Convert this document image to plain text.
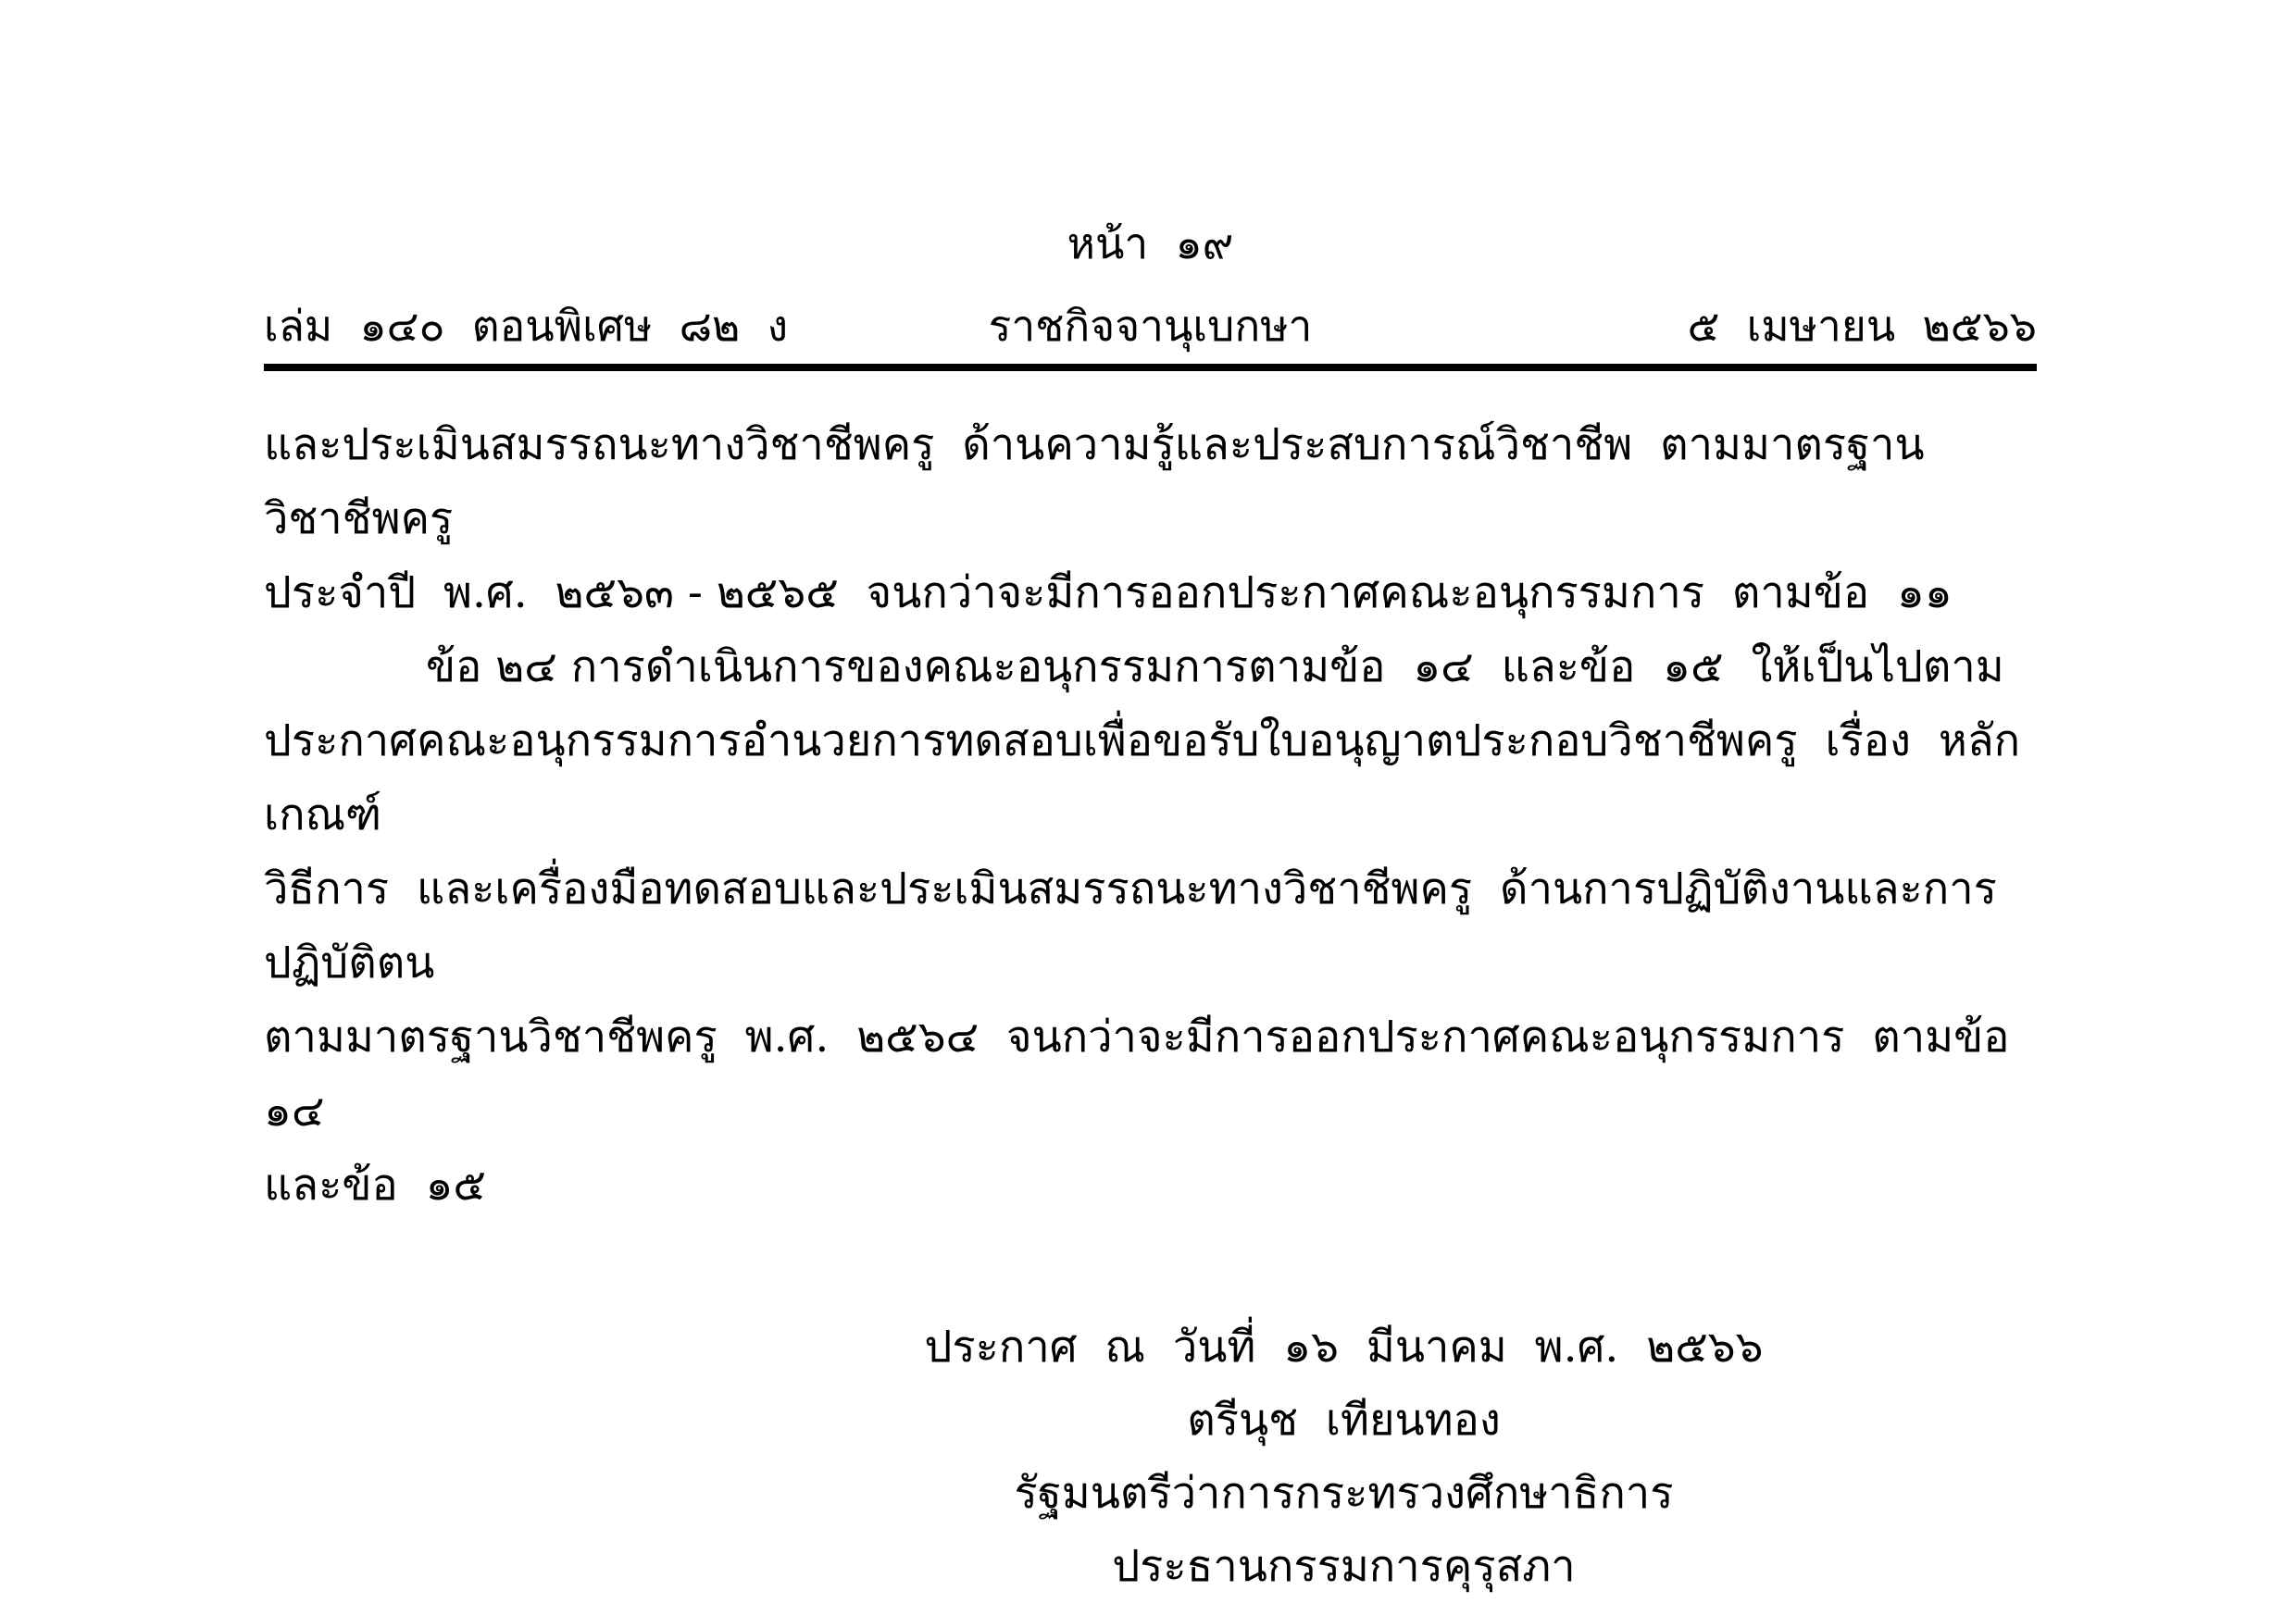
หน้า  ๑๙
เล่ม  ๑๔๐  ตอนพิเศษ  ๘๒  ง	ราชกิจจานุเบกษา	๕  เมษายน  ๒๕๖๖
และประเมินสมรรถนะทางวิชาชีพครู  ด้านความรู้และประสบการณ์วิชาชีพ  ตามมาตรฐานวิชาชีพครู
ประจำปี  พ.ศ.  ๒๕๖๓ - ๒๕๖๕  จนกว่าจะมีการออกประกาศคณะอนุกรรมการ  ตามข้อ  ๑๑
ข้อ ๒๔ การดำเนินการของคณะอนุกรรมการตามข้อ  ๑๔  และข้อ  ๑๕  ให้เป็นไปตาม
ประกาศคณะอนุกรรมการอำนวยการทดสอบเพื่อขอรับใบอนุญาตประกอบวิชาชีพครู  เรื่อง  หลักเกณฑ์
วิธีการ  และเครื่องมือทดสอบและประเมินสมรรถนะทางวิชาชีพครู  ด้านการปฏิบัติงานและการปฏิบัติตน
ตามมาตรฐานวิชาชีพครู  พ.ศ.  ๒๕๖๔  จนกว่าจะมีการออกประกาศคณะอนุกรรมการ  ตามข้อ  ๑๔
และข้อ  ๑๕
ประกาศ  ณ  วันที่  ๑๖  มีนาคม  พ.ศ.  ๒๕๖๖
ตรีนุช  เทียนทอง
รัฐมนตรีว่าการกระทรวงศึกษาธิการ
ประธานกรรมการคุรุสภา
